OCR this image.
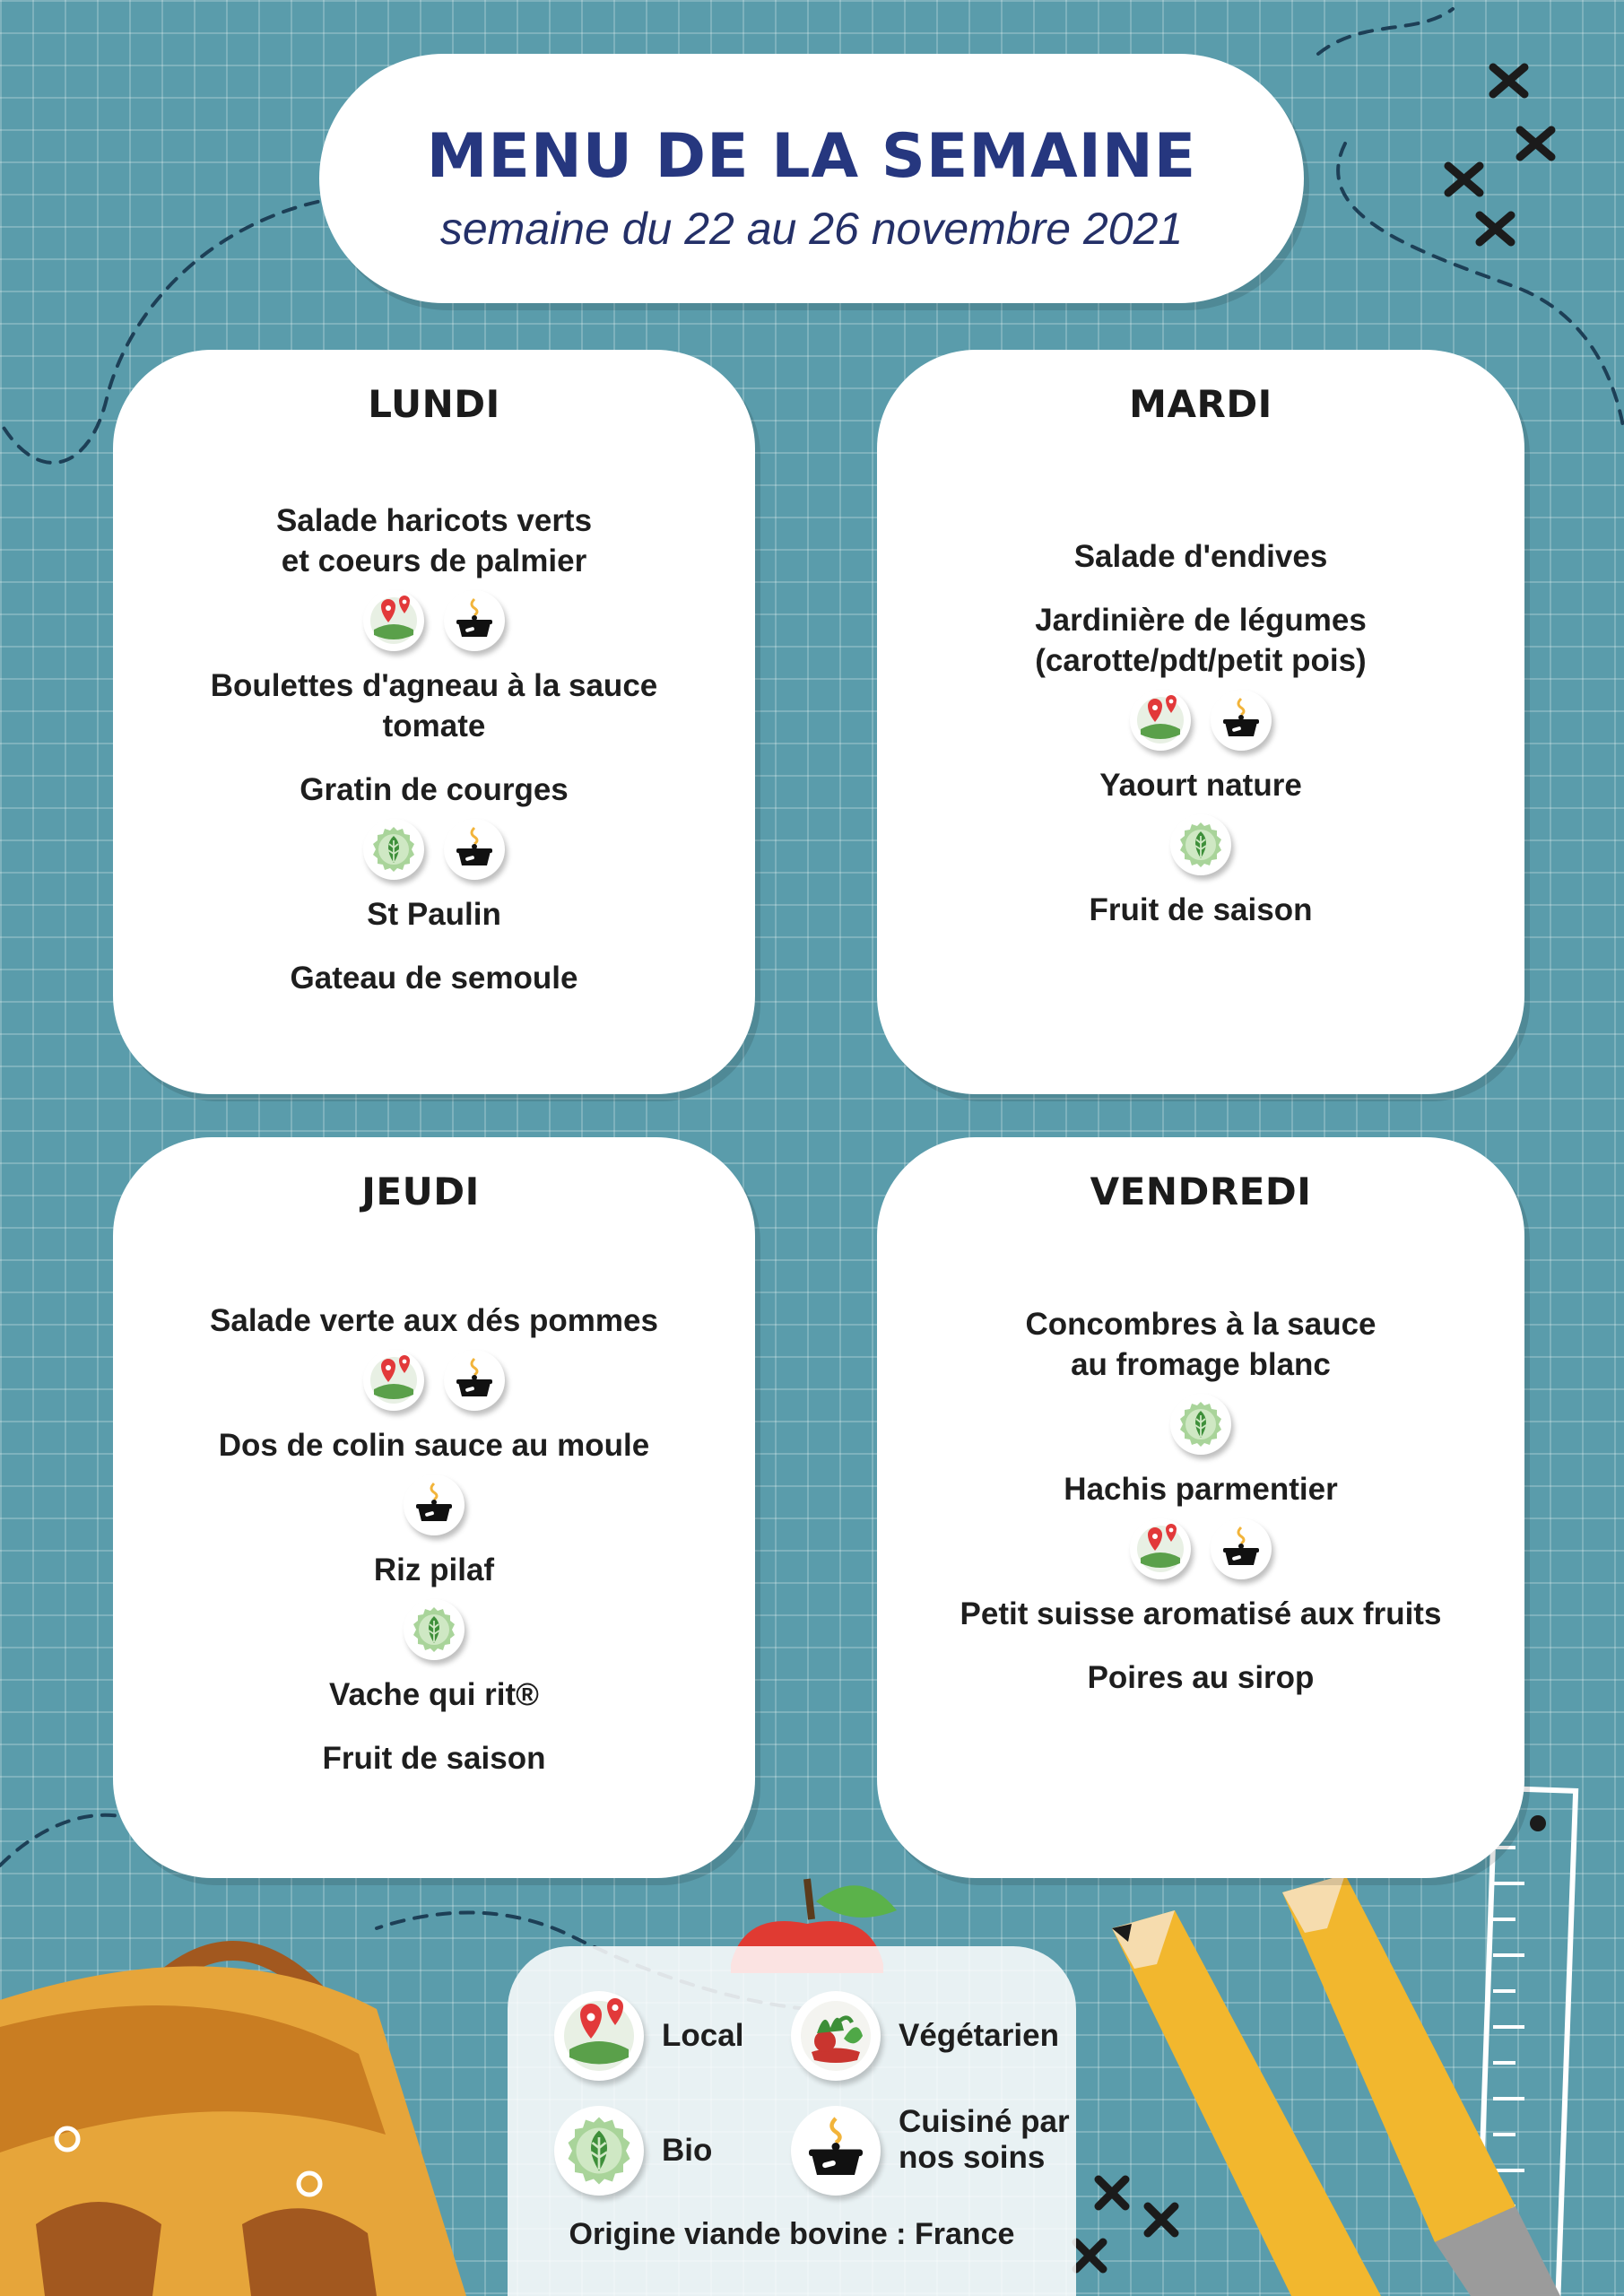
MENU DE LA SEMAINE
semaine du 22 au 26 novembre 2021
LUNDI

Salade haricots verts
et coeurs de palmier

Boulettes d'agneau à la sauce
tomate

Gratin de courges

St Paulin

Gateau de semoule

MARDI

Salade d'endives

Jardinière de légumes
(carotte/pdt/petit pois)

Yaourt nature

Fruit de saison

JEUDI

Salade verte aux dés pommes

Dos de colin sauce au moule

Riz pilaf

Vache qui rit®

Fruit de saison

VENDREDI

Concombres à la sauce
au fromage blanc

Hachis parmentier

Petit suisse aromatisé aux fruits

Poires au sirop

Local	Végétarien
Bio
Cuisiné par
nos soins
Origine viande bovine : France
